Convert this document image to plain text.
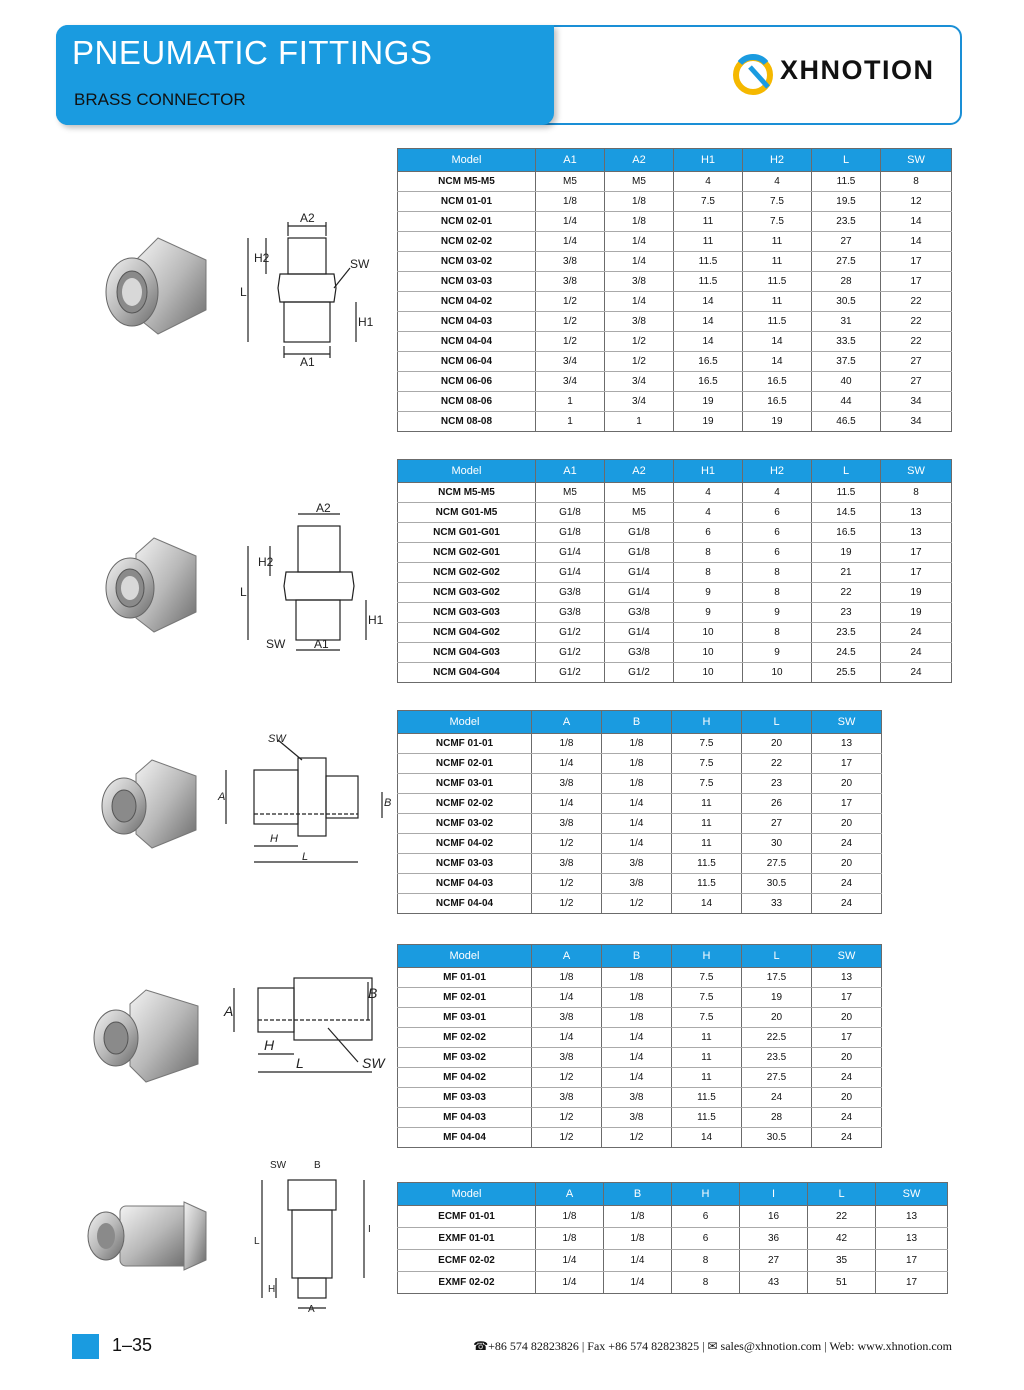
PNEUMATIC FITTINGS
BRASS CONNECTOR
XHNOTION
A2
H2	SW
L
H1
A1
Model	A1	A2	H1	H2	L	SW
NCM M5-M5	M5	M5	4	4	11.5	8
NCM 01-01	1/8	1/8	7.5	7.5	19.5	12
NCM 02-01	1/4	1/8	11	7.5	23.5	14
NCM 02-02	1/4	1/4	11	11	27	14
NCM 03-02	3/8	1/4	11.5	11	27.5	17
NCM 03-03	3/8	3/8	11.5	11.5	28	17
NCM 04-02	1/2	1/4	14	11	30.5	22
NCM 04-03	1/2	3/8	14	11.5	31	22
NCM 04-04	1/2	1/2	14	14	33.5	22
NCM 06-04	3/4	1/2	16.5	14	37.5	27
NCM 06-06	3/4	3/4	16.5	16.5	40	27
NCM 08-06	1	3/4	19	16.5	44	34
NCM 08-08	1	1	19	19	46.5	34
A2
H2
L
H1
SW A1
Model	A1	A2	H1	H2	L	SW
NCM M5-M5	M5	M5	4	4	11.5	8
NCM G01-M5	G1/8	M5	4	6	14.5	13
NCM G01-G01	G1/8	G1/8	6	6	16.5	13
NCM G02-G01	G1/4	G1/8	8	6	19	17
NCM G02-G02	G1/4	G1/4	8	8	21	17
NCM G03-G02	G3/8	G1/4	9	8	22	19
NCM G03-G03	G3/8	G3/8	9	9	23	19
NCM G04-G02	G1/2	G1/4	10	8	23.5	24
NCM G04-G03	G1/2	G3/8	10	9	24.5	24
NCM G04-G04	G1/2	G1/2	10	10	25.5	24
SW
A	B
H
L
Model	A	B	H	L	SW
NCMF 01-01	1/8	1/8	7.5	20	13
NCMF 02-01	1/4	1/8	7.5	22	17
NCMF 03-01	3/8	1/8	7.5	23	20
NCMF 02-02	1/4	1/4	11	26	17
NCMF 03-02	3/8	1/4	11	27	20
NCMF 04-02	1/2	1/4	11	30	24
NCMF 03-03	3/8	3/8	11.5	27.5	20
NCMF 04-03	1/2	3/8	11.5	30.5	24
NCMF 04-04	1/2	1/2	14	33	24
B
A
H
L	SW
Model	A	B	H	L	SW
MF 01-01	1/8	1/8	7.5	17.5	13
MF 02-01	1/4	1/8	7.5	19	17
MF 03-01	3/8	1/8	7.5	20	20
MF 02-02	1/4	1/4	11	22.5	17
MF 03-02	3/8	1/4	11	23.5	20
MF 04-02	1/2	1/4	11	27.5	24
MF 03-03	3/8	3/8	11.5	24	20
MF 04-03	1/2	3/8	11.5	28	24
MF 04-04	1/2	1/2	14	30.5	24
SW	B
L
I
H
A
Model	A	B	H	I	L	SW
ECMF 01-01	1/8	1/8	6	16	22	13
EXMF 01-01	1/8	1/8	6	36	42	13
ECMF 02-02	1/4	1/4	8	27	35	17
EXMF 02-02	1/4	1/4	8	43	51	17
1–35	☎+86 574 82823826 | Fax +86 574 82823825 | ✉ sales@xhnotion.com | Web: www.xhnotion.com
